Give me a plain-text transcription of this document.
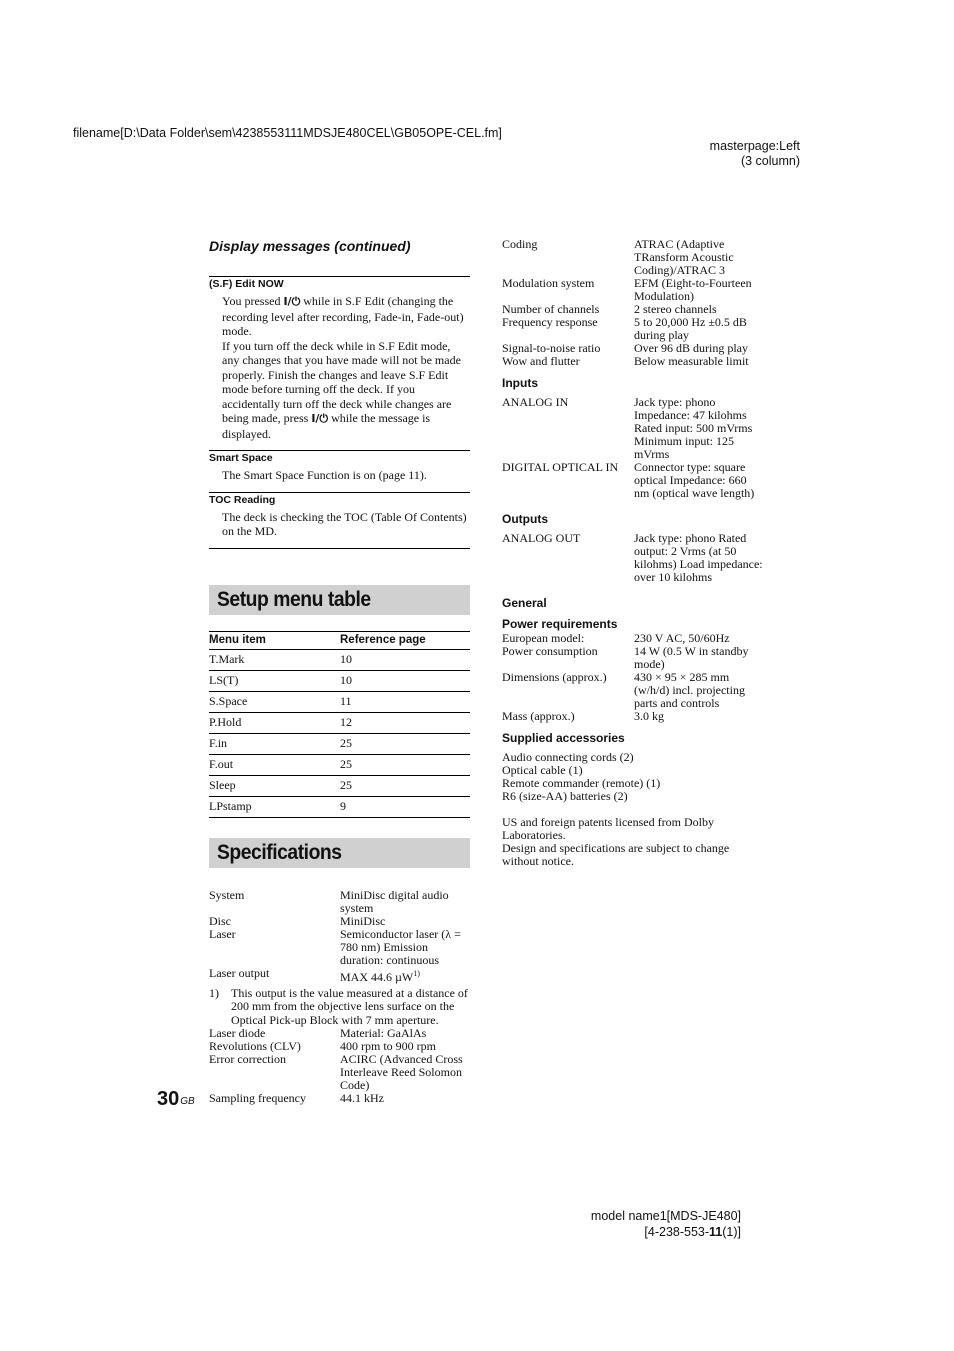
filename[D:\Data Folder\sem\4238553111MDSJE480CEL\GB05OPE-CEL.fm]
masterpage:Left
(3 column)
Display messages (continued)
(S.F) Edit NOW

You pressed I/⏻ while in S.F Edit (changing the recording level after recording, Fade-in, Fade-out) mode.

If you turn off the deck while in S.F Edit mode, any changes that you have made will not be made properly. Finish the changes and leave S.F Edit mode before turning off the deck. If you accidentally turn off the deck while changes are being made, press I/⏻ while the message is displayed.

Smart Space
The Smart Space Function is on (page 11).
TOC Reading
The deck is checking the TOC (Table Of Contents) on the MD.
Setup menu table
Menu item	Reference page
T.Mark	10
LS(T)	10
S.Space	11
P.Hold	12
F.in	25
F.out	25
Sleep	25
LPstamp	9
Specifications
System	MiniDisc digital audio system
Disc	MiniDisc
Laser	Semiconductor laser (λ = 780 nm) Emission duration: continuous
Laser output	MAX 44.6 µW$^{1)}$
1)	This output is the value measured at a distance of 200 mm from the objective lens surface on the Optical Pick-up Block with 7 mm aperture.
Laser diode	Material: GaAlAs
Revolutions (CLV)	400 rpm to 900 rpm
Error correction	ACIRC (Advanced Cross Interleave Reed Solomon Code)
Sampling frequency	44.1 kHz
Coding	ATRAC (Adaptive TRansform Acoustic Coding)/ATRAC 3
Modulation system	EFM (Eight-to-Fourteen Modulation)
Number of channels	2 stereo channels
Frequency response	5 to 20,000 Hz ±0.5 dB during play
Signal-to-noise ratio	Over 96 dB during play
Wow and flutter	Below measurable limit
Inputs
ANALOG IN	Jack type: phono Impedance: 47 kilohms Rated input: 500 mVrms Minimum input: 125 mVrms
DIGITAL OPTICAL IN	Connector type: square optical Impedance: 660 nm (optical wave length)
Outputs
ANALOG OUT	Jack type: phono Rated output: 2 Vrms (at 50 kilohms) Load impedance: over 10 kilohms
General
Power requirements
European model:	230 V AC, 50/60Hz
Power consumption	14 W (0.5 W in standby mode)
Dimensions (approx.)	430 × 95 × 285 mm (w/h/d) incl. projecting parts and controls
Mass (approx.)	3.0 kg
Supplied accessories
Audio connecting cords (2)
Optical cable (1)
Remote commander (remote) (1)
R6 (size-AA) batteries (2)
US and foreign patents licensed from Dolby Laboratories.
Design and specifications are subject to change without notice.
$30_{GB}$
model name1[MDS-JE480]
[4-238-553-11(1)]
